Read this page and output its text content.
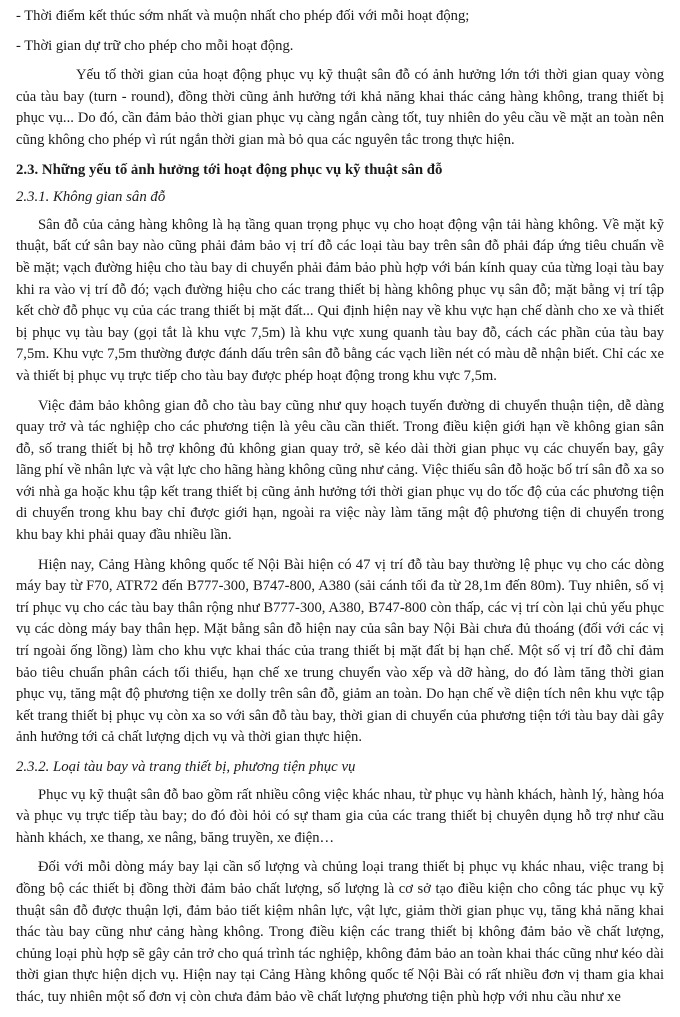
- Thời điểm kết thúc sớm nhất và muộn nhất cho phép đối với mỗi hoạt động;
- Thời gian dự trữ cho phép cho mỗi hoạt động.

Yếu tố thời gian của hoạt động phục vụ kỹ thuật sân đỗ có ảnh hưởng lớn tới thời gian quay vòng của tàu bay (turn - round), đồng thời cũng ảnh hưởng tới khả năng khai thác cảng hàng không, trang thiết bị phục vụ... Do đó, cần đảm bảo thời gian phục vụ càng ngắn càng tốt, tuy nhiên do yêu cầu về mặt an toàn nên cũng không cho phép vì rút ngắn thời gian mà bỏ qua các nguyên tắc trong thực hiện.

2.3. Những yếu tố ảnh hưởng tới hoạt động phục vụ kỹ thuật sân đỗ
2.3.1. Không gian sân đỗ

Sân đỗ của cảng hàng không là hạ tầng quan trọng phục vụ cho hoạt động vận tải hàng không. Về mặt kỹ thuật, bất cứ sân bay nào cũng phải đảm bảo vị trí đỗ các loại tàu bay trên sân đỗ phải đáp ứng tiêu chuẩn về bề mặt; vạch đường hiệu cho tàu bay di chuyển phải đảm bảo phù hợp với bán kính quay của từng loại tàu bay khi ra vào vị trí đỗ đó; vạch đường hiệu cho các trang thiết bị hàng không phục vụ sân đỗ; mặt bằng vị trí tập kết chờ đỗ phục vụ của các trang thiết bị mặt đất... Qui định hiện nay về khu vực hạn chế dành cho xe và thiết bị phục vụ tàu bay (gọi tắt là khu vực 7,5m) là khu vực xung quanh tàu bay đỗ, cách các phần của tàu bay 7,5m. Khu vực 7,5m thường được đánh dấu trên sân đỗ bằng các vạch liền nét có màu dễ nhận biết. Chỉ các xe và thiết bị phục vụ trực tiếp cho tàu bay được phép hoạt động trong khu vực 7,5m.

Việc đảm bảo không gian đỗ cho tàu bay cũng như quy hoạch tuyến đường di chuyển thuận tiện, dễ dàng quay trở và tác nghiệp cho các phương tiện là yêu cầu cần thiết. Trong điều kiện giới hạn về không gian sân đỗ, số trang thiết bị hỗ trợ không đủ không gian quay trở, sẽ kéo dài thời gian phục vụ các chuyến bay, gây lãng phí về nhân lực và vật lực cho hãng hàng không cũng như cảng. Việc thiếu sân đỗ hoặc bố trí sân đỗ xa so với nhà ga hoặc khu tập kết trang thiết bị cũng ảnh hưởng tới thời gian phục vụ do tốc độ của các phương tiện di chuyển trong khu bay chỉ được giới hạn, ngoài ra việc này làm tăng mật độ phương tiện di chuyển trong khu bay khi phải quay đầu nhiều lần.

Hiện nay, Cảng Hàng không quốc tế Nội Bài hiện có 47 vị trí đỗ tàu bay thường lệ phục vụ cho các dòng máy bay từ F70, ATR72 đến B777-300, B747-800, A380 (sải cánh tối đa từ 28,1m đến 80m). Tuy nhiên, số vị trí phục vụ cho các tàu bay thân rộng như B777-300, A380, B747-800 còn thấp, các vị trí còn lại chủ yếu phục vụ các dòng máy bay thân hẹp. Mặt bằng sân đỗ hiện nay của sân bay Nội Bài chưa đủ thoáng (đối với các vị trí ngoài ống lồng) làm cho khu vực khai thác của trang thiết bị mặt đất bị hạn chế. Một số vị trí đỗ chỉ đảm bảo tiêu chuẩn phân cách tối thiểu, hạn chế xe trung chuyển vào xếp và dỡ hàng, do đó làm tăng thời gian phục vụ, tăng mật độ phương tiện xe dolly trên sân đỗ, giảm an toàn. Do hạn chế về diện tích nên khu vực tập kết trang thiết bị phục vụ còn xa so với sân đỗ tàu bay, thời gian di chuyển của phương tiện tới tàu bay dài gây ảnh hưởng tới cả chất lượng dịch vụ và thời gian thực hiện.

2.3.2. Loại tàu bay và trang thiết bị, phương tiện phục vụ

Phục vụ kỹ thuật sân đỗ bao gồm rất nhiều công việc khác nhau, từ phục vụ hành khách, hành lý, hàng hóa và phục vụ trực tiếp tàu bay; do đó đòi hỏi có sự tham gia của các trang thiết bị chuyên dụng hỗ trợ như cầu hành khách, xe thang, xe nâng, băng truyền, xe điện…

Đối với mỗi dòng máy bay lại cần số lượng và chủng loại trang thiết bị phục vụ khác nhau, việc trang bị đồng bộ các thiết bị đồng thời đảm bảo chất lượng, số lượng là cơ sở tạo điều kiện cho công tác phục vụ kỹ thuật sân đỗ được thuận lợi, đảm bảo tiết kiệm nhân lực, vật lực, giảm thời gian phục vụ, tăng khả năng khai thác tàu bay cũng như cảng hàng không. Trong điều kiện các trang thiết bị không đảm bảo về chất lượng, chủng loại phù hợp sẽ gây cản trở cho quá trình tác nghiệp, không đảm bảo an toàn khai thác cũng như kéo dài thời gian thực hiện dịch vụ. Hiện nay tại Cảng Hàng không quốc tế Nội Bài có rất nhiều đơn vị tham gia khai thác, tuy nhiên một số đơn vị còn chưa đảm bảo về chất lượng phương tiện phù hợp với nhu cầu như xe
